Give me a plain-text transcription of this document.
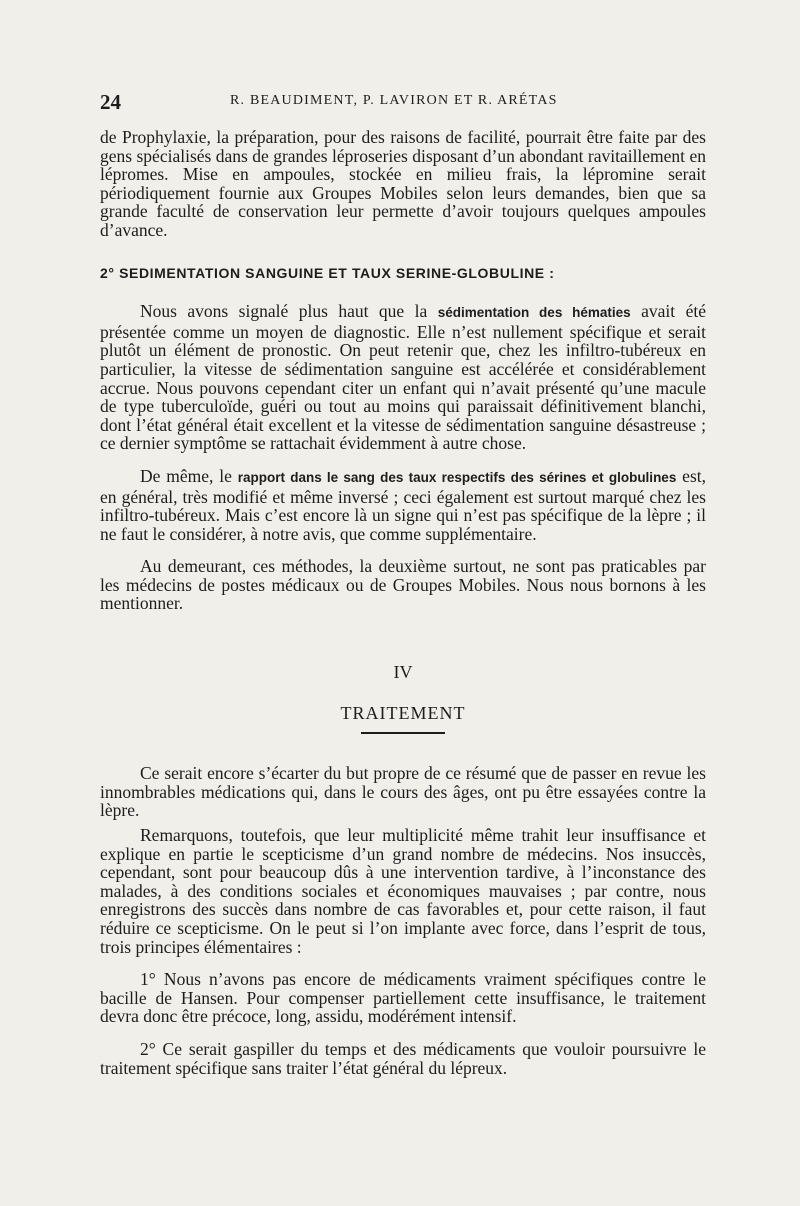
24	R. BEAUDIMENT, P. LAVIRON ET R. ARÉTAS

de Prophylaxie, la préparation, pour des raisons de facilité, pourrait être faite par des gens spécialisés dans de grandes léproseries disposant d’un abondant ravitaillement en lépromes. Mise en ampoules, stockée en milieu frais, la lépromine serait périodiquement fournie aux Groupes Mobiles selon leurs demandes, bien que sa grande faculté de conservation leur permette d’avoir toujours quelques ampoules d’avance.

2° SEDIMENTATION SANGUINE ET TAUX SERINE-GLOBULINE :

Nous avons signalé plus haut que la sédimentation des hématies avait été présentée comme un moyen de diagnostic. Elle n’est nullement spécifique et serait plutôt un élément de pronostic. On peut retenir que, chez les infiltro-tubéreux en particulier, la vitesse de sédimentation sanguine est accélérée et considérablement accrue. Nous pouvons cependant citer un enfant qui n’avait présenté qu’une macule de type tuberculoïde, guéri ou tout au moins qui paraissait définitivement blanchi, dont l’état général était excellent et la vitesse de sédimentation sanguine désastreuse ; ce dernier symptôme se rattachait évidemment à autre chose.

De même, le rapport dans le sang des taux respectifs des sérines et globulines est, en général, très modifié et même inversé ; ceci également est surtout marqué chez les infiltro-tubéreux. Mais c’est encore là un signe qui n’est pas spécifique de la lèpre ; il ne faut le considérer, à notre avis, que comme supplémentaire.

Au demeurant, ces méthodes, la deuxième surtout, ne sont pas praticables par les médecins de postes médicaux ou de Groupes Mobiles. Nous nous bornons à les mentionner.

IV
TRAITEMENT

Ce serait encore s’écarter du but propre de ce résumé que de passer en revue les innombrables médications qui, dans le cours des âges, ont pu être essayées contre la lèpre.

Remarquons, toutefois, que leur multiplicité même trahit leur insuffisance et explique en partie le scepticisme d’un grand nombre de médecins. Nos insuccès, cependant, sont pour beaucoup dûs à une intervention tardive, à l’inconstance des malades, à des conditions sociales et économiques mauvaises ; par contre, nous enregistrons des succès dans nombre de cas favorables et, pour cette raison, il faut réduire ce scepticisme. On le peut si l’on implante avec force, dans l’esprit de tous, trois principes élémentaires :

1° Nous n’avons pas encore de médicaments vraiment spécifiques contre le bacille de Hansen. Pour compenser partiellement cette insuffisance, le traitement devra donc être précoce, long, assidu, modérément intensif.

2° Ce serait gaspiller du temps et des médicaments que vouloir poursuivre le traitement spécifique sans traiter l’état général du lépreux.
